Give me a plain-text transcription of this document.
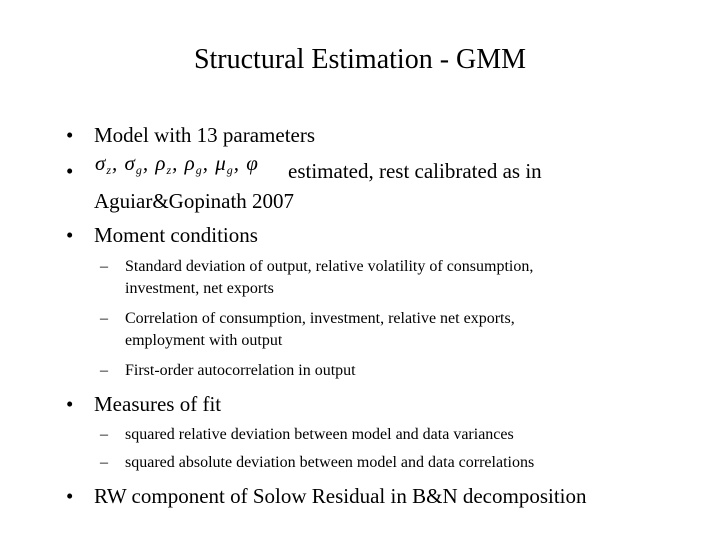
Structural Estimation - GMM
• Model with 13 parameters
• $\sigma_z$, $\sigma_g$, $\rho_z$, $\rho_g$, $\mu_g$, φ estimated, rest calibrated as in
Aguiar&Gopinath 2007
• Moment conditions
– Standard deviation of output, relative volatility of consumption,
investment, net exports
– Correlation of consumption, investment, relative net exports,
employment with output
– First-order autocorrelation in output
• Measures of fit
– squared relative deviation between model and data variances
– squared absolute deviation between model and data correlations
• RW component of Solow Residual in B&N decomposition
